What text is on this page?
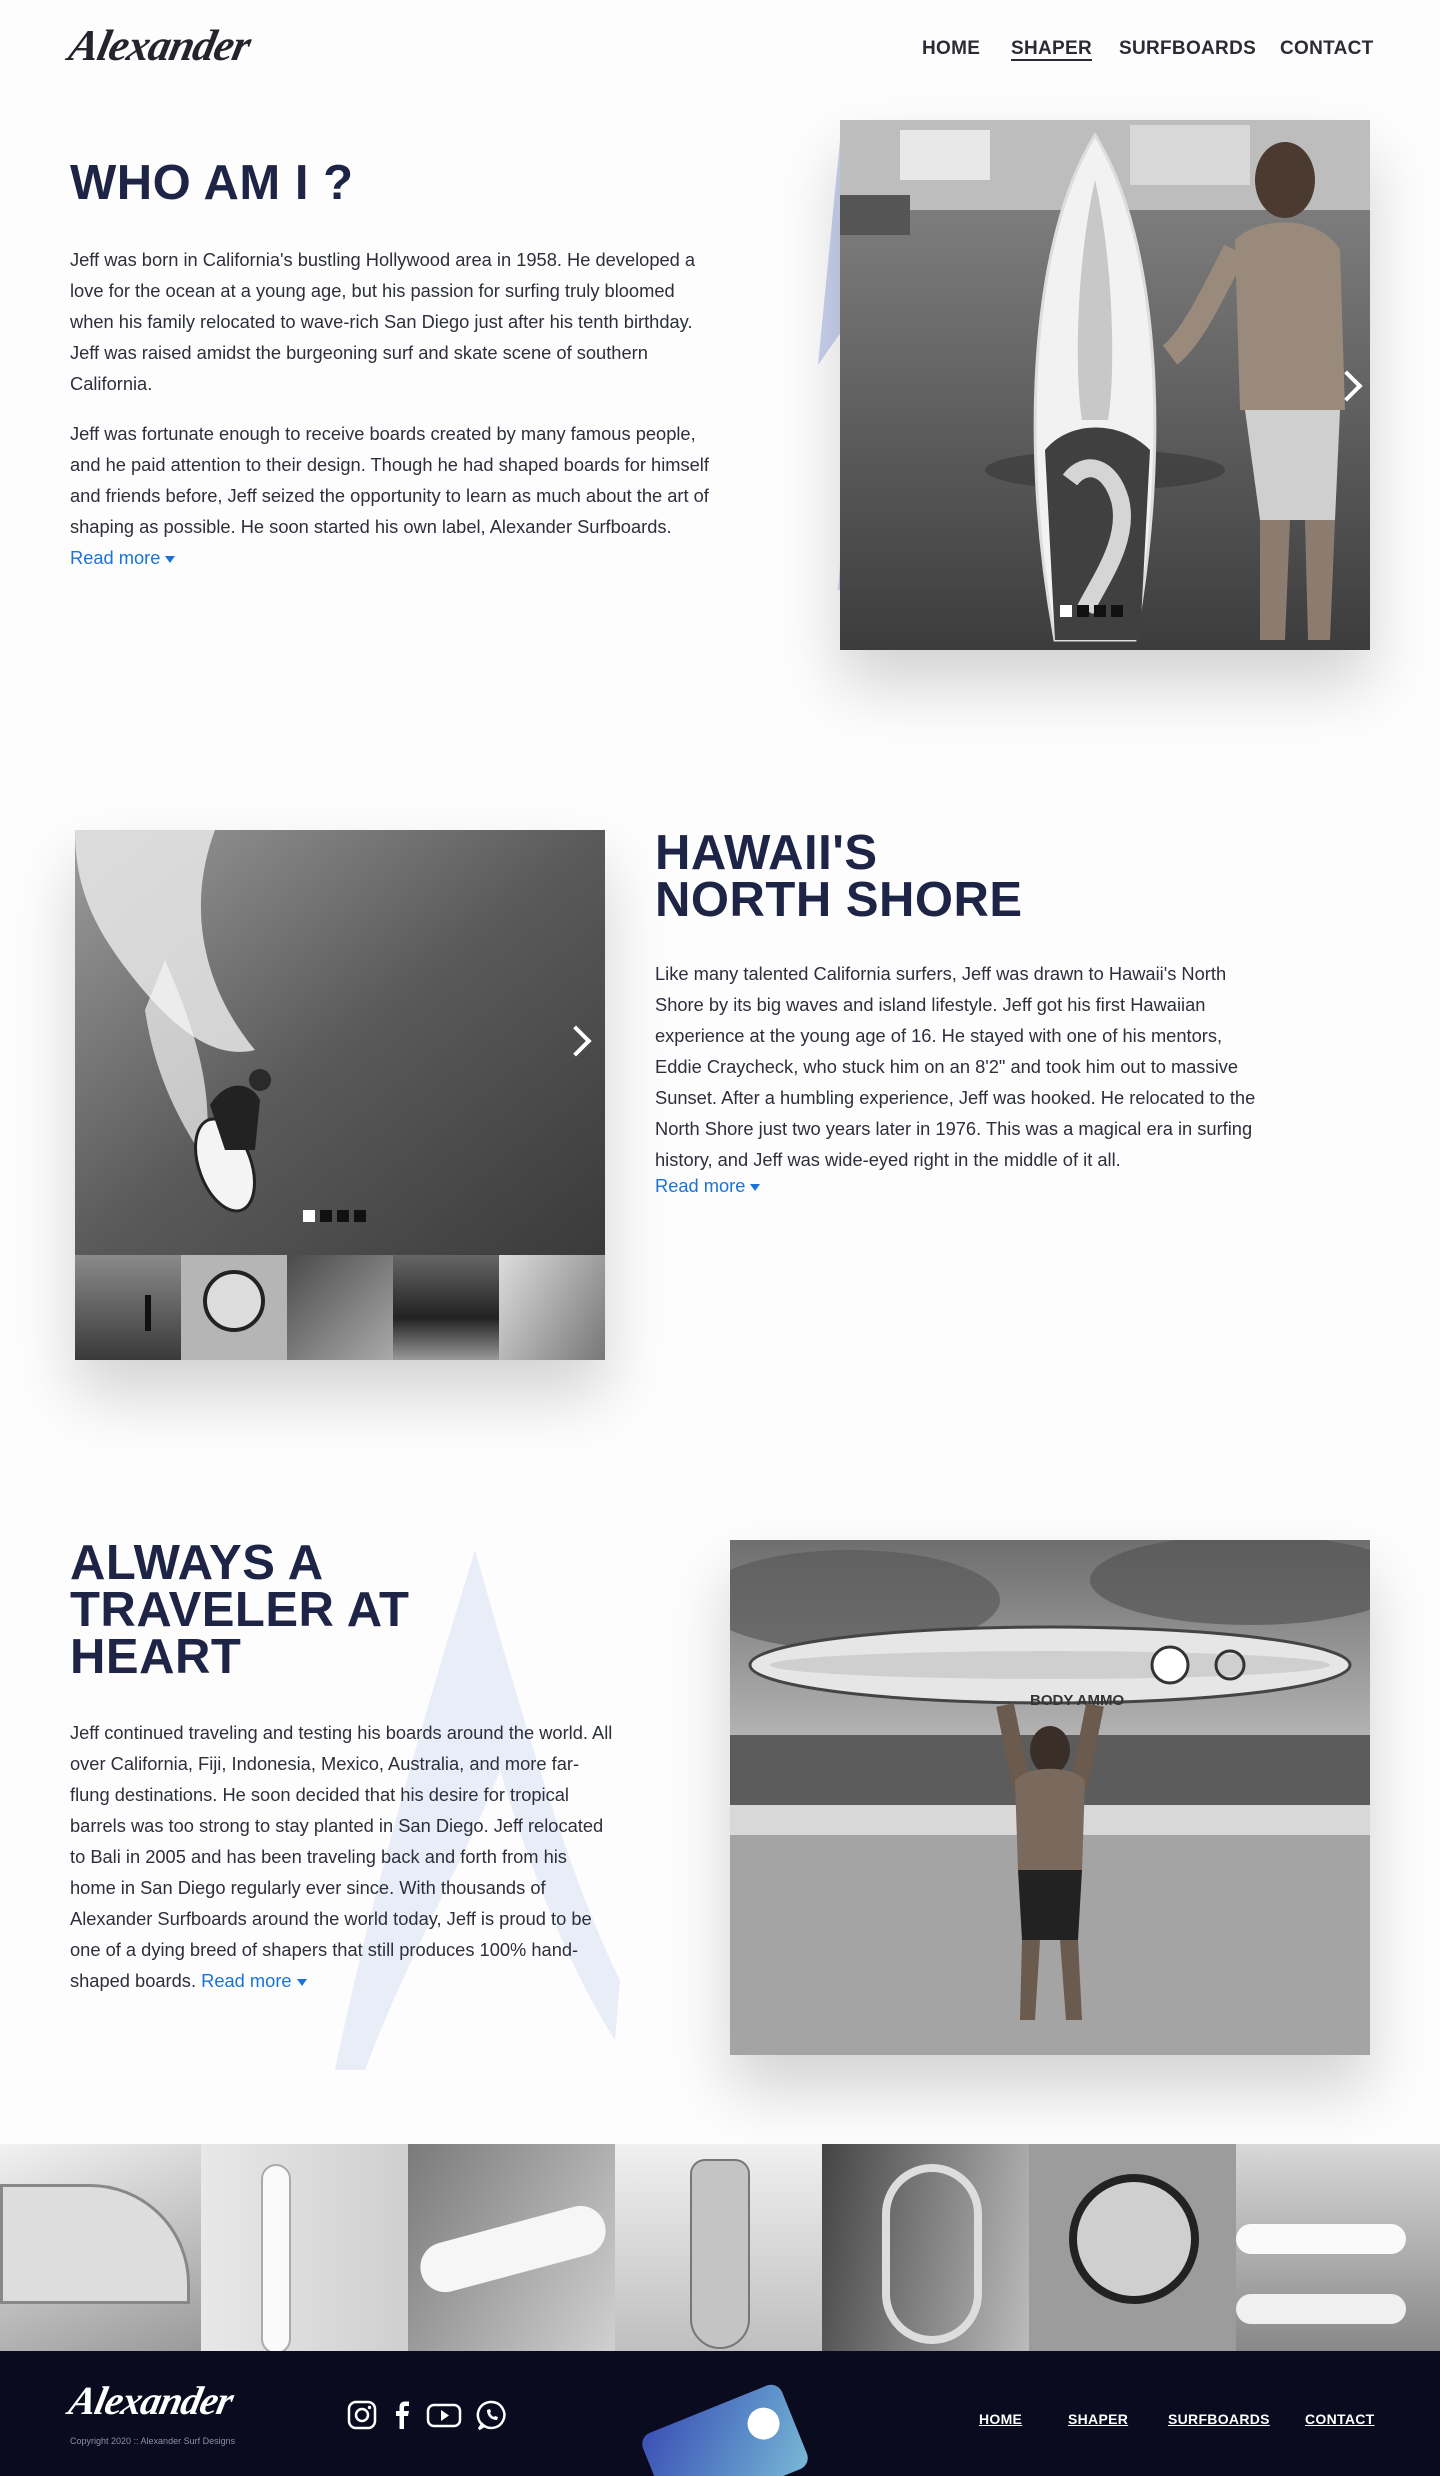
Alexander	HOME SHAPER SURFBOARDS CONTACT
WHO AM I ?

Jeff was born in California's bustling Hollywood area in 1958. He developed a love for the ocean at a young age, but his passion for surfing truly bloomed when his family relocated to wave-rich San Diego just after his tenth birthday. Jeff was raised amidst the burgeoning surf and skate scene of southern California.

Jeff was fortunate enough to receive boards created by many famous people, and he paid attention to their design. Though he had shaped boards for himself and friends before, Jeff seized the opportunity to learn as much about the art of shaping as possible. He soon started his own label, Alexander Surfboards. Read more

HAWAII'S
NORTH SHORE

Like many talented California surfers, Jeff was drawn to Hawaii's North Shore by its big waves and island lifestyle. Jeff got his first Hawaiian experience at the young age of 16. He stayed with one of his mentors, Eddie Craycheck, who stuck him on an 8'2" and took him out to massive Sunset. After a humbling experience, Jeff was hooked. He relocated to the North Shore just two years later in 1976. This was a magical era in surfing history, and Jeff was wide-eyed right in the middle of it all.

Read more
ALWAYS A
TRAVELER AT
HEART

Jeff continued traveling and testing his boards around the world. All over California, Fiji, Indonesia, Mexico, Australia, and more far-flung destinations. He soon decided that his desire for tropical barrels was too strong to stay planted in San Diego. Jeff relocated to Bali in 2005 and has been traveling back and forth from his home in San Diego regularly ever since. With thousands of Alexander Surfboards around the world today, Jeff is proud to be one of a dying breed of shapers that still produces 100% hand-shaped boards. Read more

BODY AMMO
Alexander
Copyright 2020 :: Alexander Surf Designs
HOME	SHAPER	SURFBOARDS	CONTACT
